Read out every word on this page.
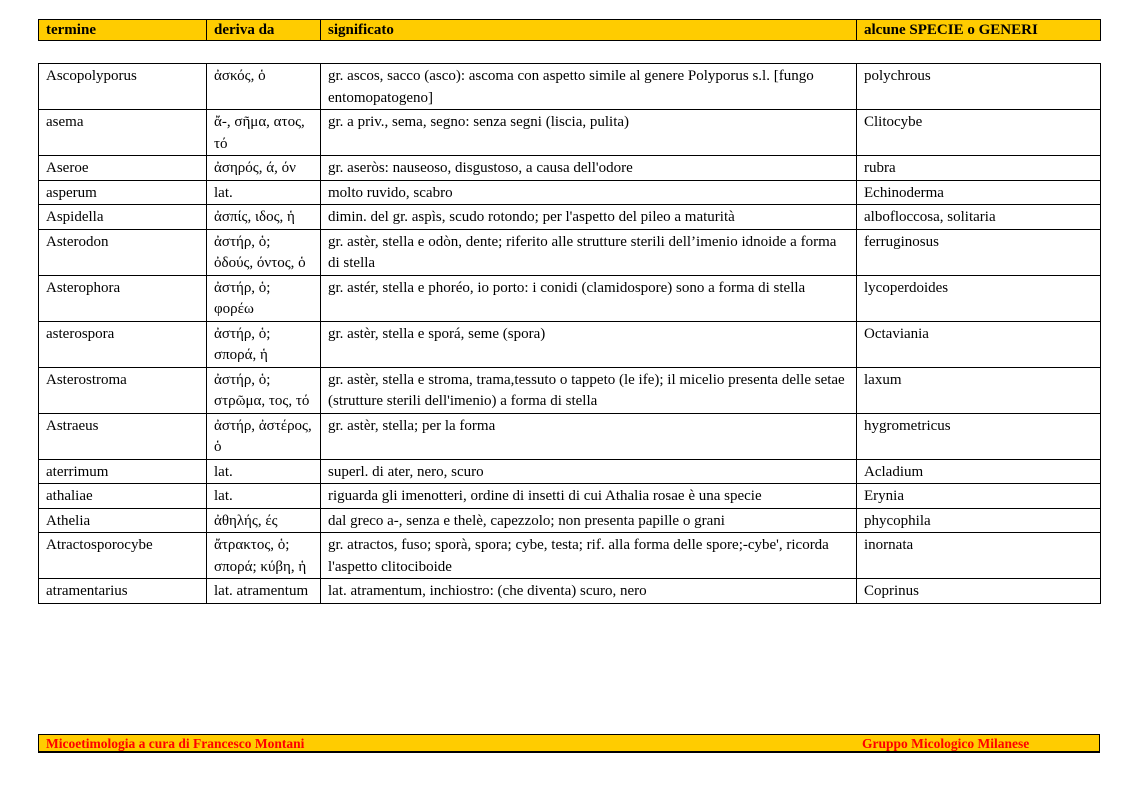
termine	deriva da	significato	alcune SPECIE o GENERI
Ascopolyporus	ἀσκός, ὁ	gr. ascos, sacco (asco): ascoma con aspetto simile al genere Polyporus s.l. [fungo entomopatogeno]	polychrous
asema	ἄ-, σῆμα, ατος, τό	gr. a priv., sema, segno: senza segni (liscia, pulita)	Clitocybe
Aseroe	ἀσηρός, ά, όν	gr. aseròs: nauseoso, disgustoso, a causa dell'odore	rubra
asperum	lat.	molto ruvido, scabro	Echinoderma
Aspidella	ἀσπίς, ιδος, ἡ	dimin. del gr. aspìs, scudo rotondo; per l'aspetto del pileo a maturità	albofloccosa, solitaria
Asterodon	ἀστήρ, ὁ; ὀδούς, όντος, ὁ	gr. astèr, stella e odòn, dente; riferito alle strutture sterili dell’imenio idnoide a forma di stella	ferruginosus
Asterophora	ἀστήρ, ὁ; φορέω	gr. astér, stella e phoréo, io porto: i conidi (clamidospore) sono a forma di stella	lycoperdoides
asterospora	ἀστήρ, ὁ; σπορά, ἡ	gr. astèr, stella e sporá, seme (spora)	Octaviania
Asterostroma	ἀστήρ, ὁ; στρῶμα, τος, τό	gr. astèr, stella e stroma, trama,tessuto o tappeto (le ife); il micelio presenta delle setae (strutture sterili dell'imenio) a forma di stella	laxum
Astraeus	ἀστήρ, ἀστέρος, ὁ	gr. astèr, stella; per la forma	hygrometricus
aterrimum	lat.	superl. di ater, nero, scuro	Acladium
athaliae	lat.	riguarda gli imenotteri, ordine di insetti di cui Athalia rosae è una specie	Erynia
Athelia	ἀθηλής, ές	dal greco a-, senza e thelè, capezzolo; non presenta papille o grani	phycophila
Atractosporocybe	ἄτρακτος, ὁ; σπορά; κύβη, ἡ	gr. atractos, fuso; sporà, spora; cybe, testa; rif. alla forma delle spore;-cybe', ricorda l'aspetto clitociboide	inornata
atramentarius	lat. atramentum	lat. atramentum, inchiostro: (che diventa) scuro, nero	Coprinus
Micoetimologia a cura di Francesco Montani	Gruppo Micologico Milanese
